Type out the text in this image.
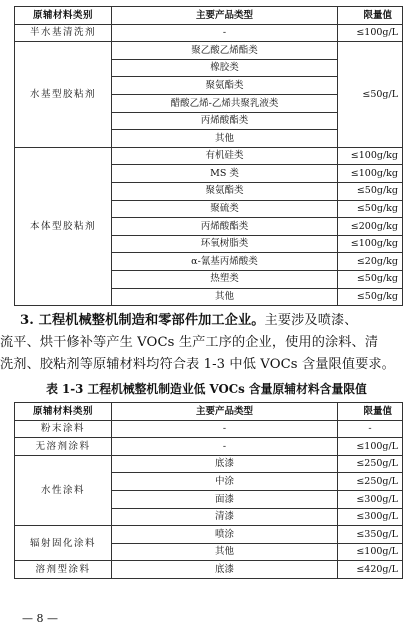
原辅材料类别	主要产品类型	限量值
半水基清洗剂	-	≤100g/L
水基型胶粘剂	聚乙酸乙烯酯类	≤50g/L
	橡胶类	
	聚氨酯类	
	醋酸乙烯-乙烯共聚乳液类	
	丙烯酸酯类	
	其他	
本体型胶粘剂	有机硅类	≤100g/kg
	MS 类	≤100g/kg
	聚氨酯类	≤50g/kg
	聚硫类	≤50g/kg
	丙烯酸酯类	≤200g/kg
	环氧树脂类	≤100g/kg
	α-氰基丙烯酸类	≤20g/kg
	热塑类	≤50g/kg
	其他	≤50g/kg
3. 工程机械整机制造和零部件加工企业。主要涉及喷漆、
流平、烘干修补等产生 VOCs 生产工序的企业，使用的涂料、清
洗剂、胶粘剂等原辅材料均符合表 1-3 中低 VOCs 含量限值要求。
表 1-3 工程机械整机制造业低 VOCs 含量原辅材料含量限值
原辅材料类别	主要产品类型	限量值
粉末涂料	-	-
无溶剂涂料	-	≤100g/L
水性涂料	底漆	≤250g/L
	中涂	≤250g/L
	面漆	≤300g/L
	清漆	≤300g/L
辐射固化涂料	喷涂	≤350g/L
	其他	≤100g/L
溶剂型涂料	底漆	≤420g/L
— 8 —
